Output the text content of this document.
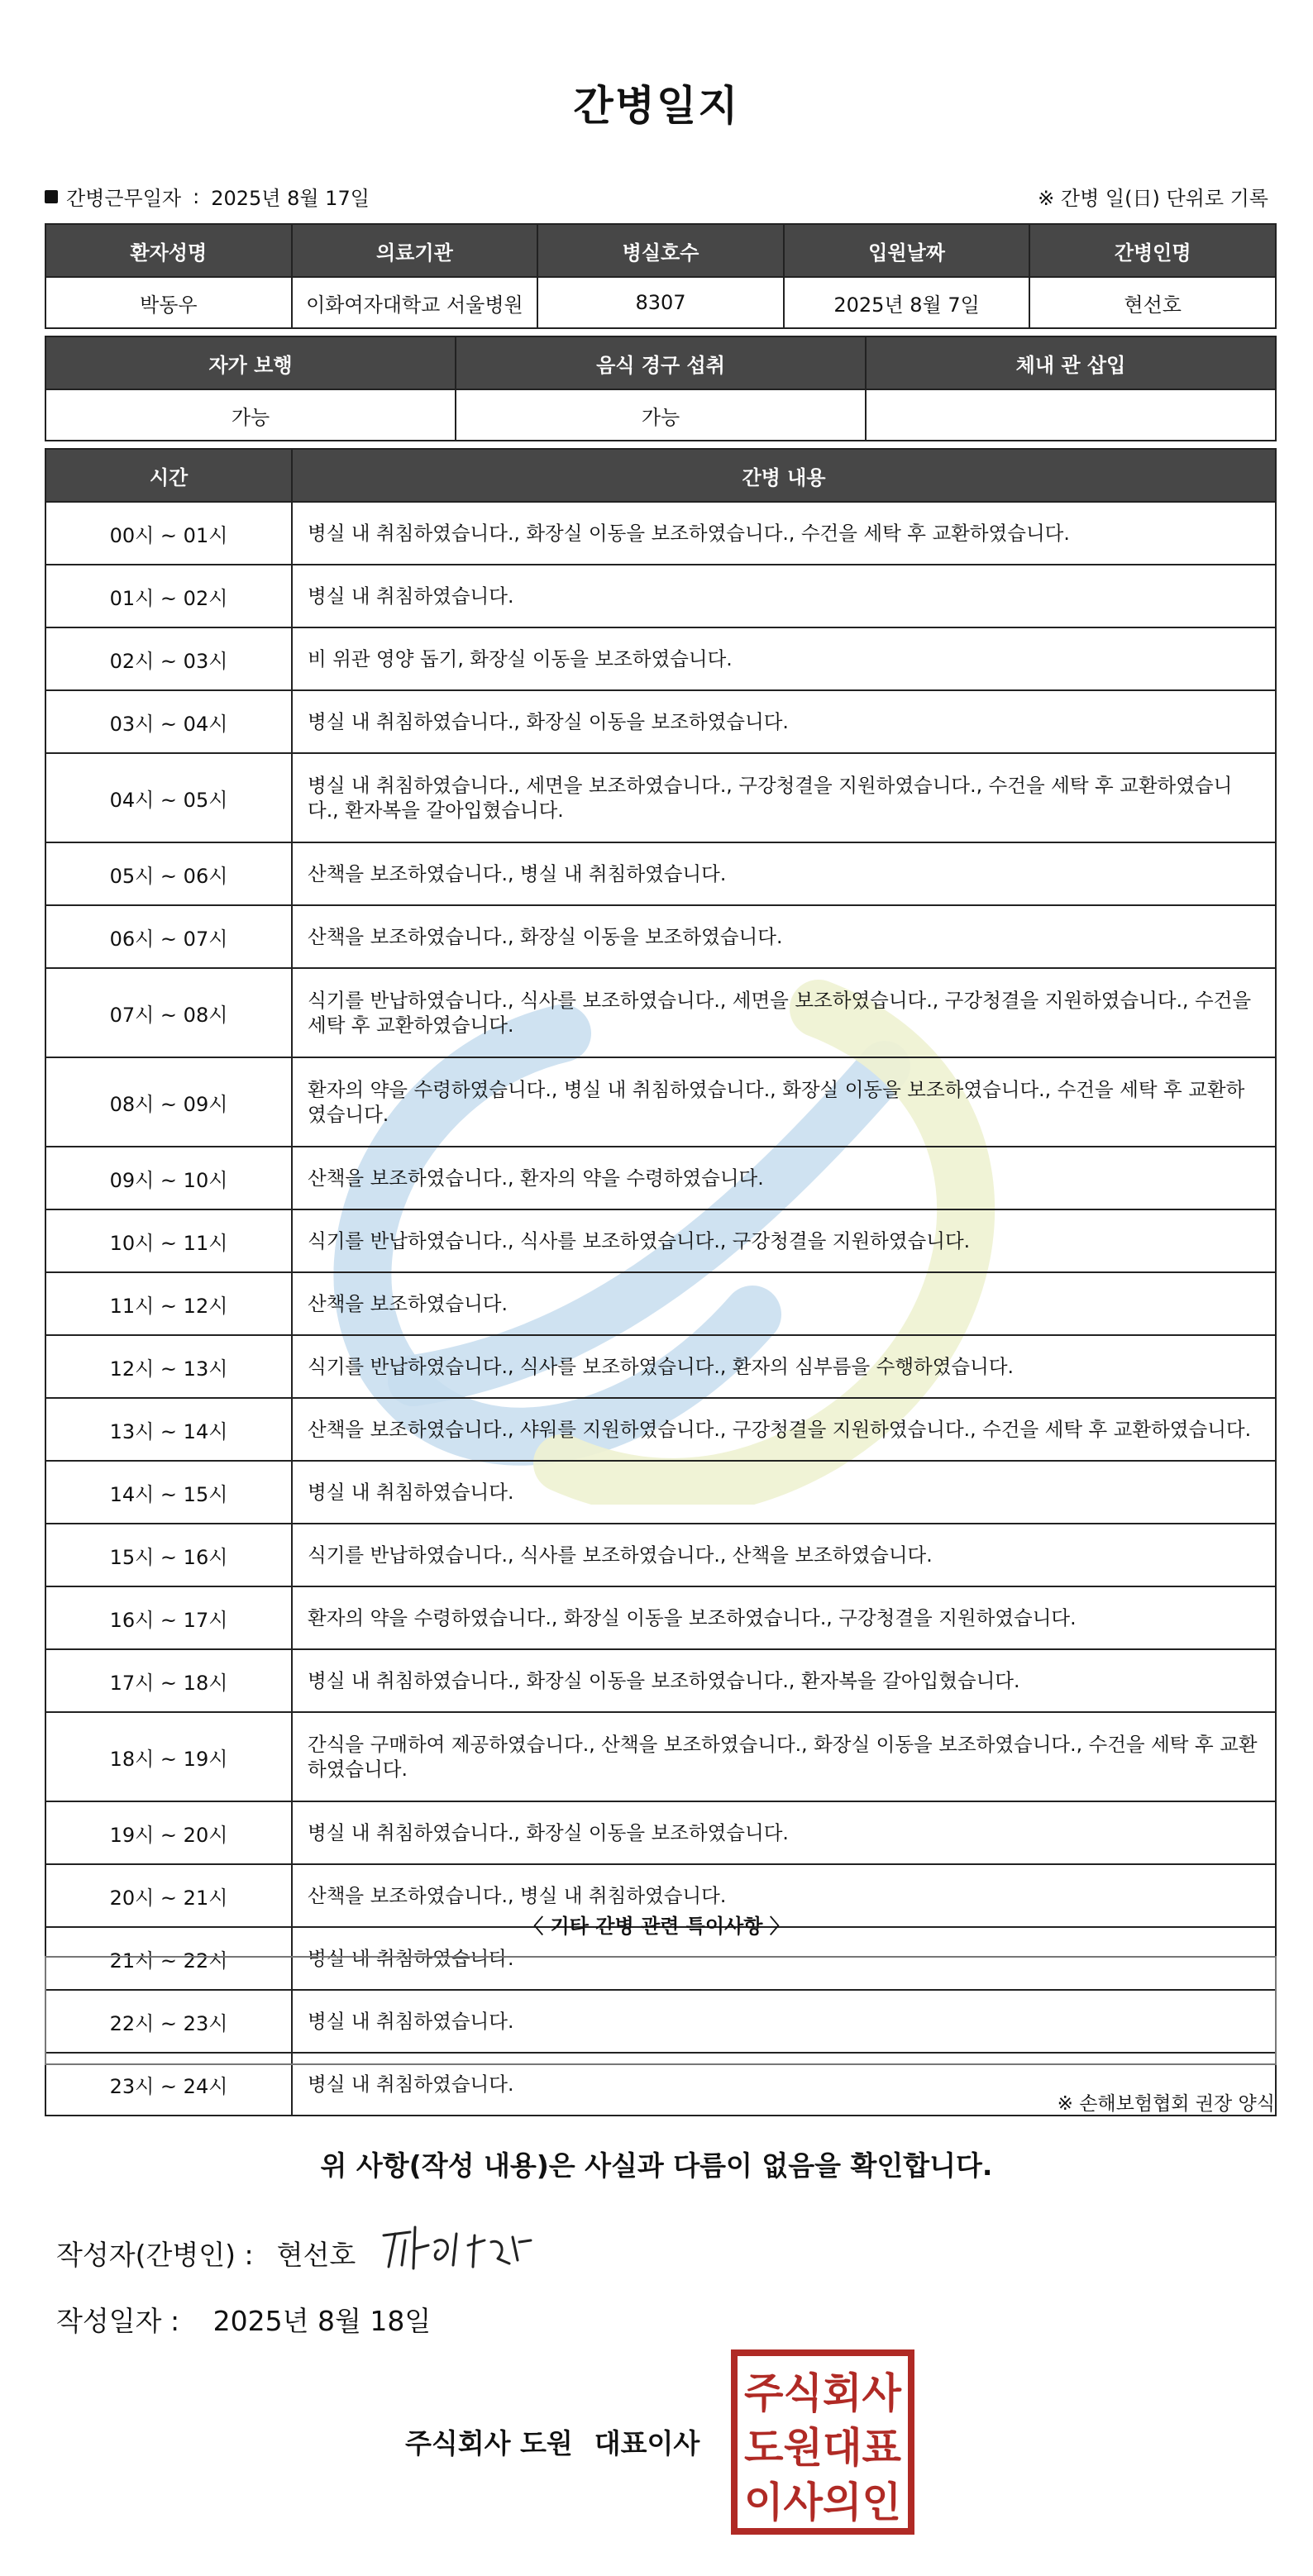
간병일지
간병근무일자 : 2025년 8월 17일	※ 간병 일(日) 단위로 기록
환자성명	의료기관	병실호수	입원날짜	간병인명
박동우	이화여자대학교 서울병원	8307	2025년 8월 7일	현선호
자가 보행	음식 경구 섭취	체내 관 삽입
가능	가능	
시간	간병 내용
00시 ~ 01시	병실 내 취침하였습니다., 화장실 이동을 보조하였습니다., 수건을 세탁 후 교환하였습니다.
01시 ~ 02시	병실 내 취침하였습니다.
02시 ~ 03시	비 위관 영양 돕기, 화장실 이동을 보조하였습니다.
03시 ~ 04시	병실 내 취침하였습니다., 화장실 이동을 보조하였습니다.
04시 ~ 05시	병실 내 취침하였습니다., 세면을 보조하였습니다., 구강청결을 지원하였습니다., 수건을 세탁 후 교환하였습니다., 환자복을 갈아입혔습니다.
05시 ~ 06시	산책을 보조하였습니다., 병실 내 취침하였습니다.
06시 ~ 07시	산책을 보조하였습니다., 화장실 이동을 보조하였습니다.
07시 ~ 08시	식기를 반납하였습니다., 식사를 보조하였습니다., 세면을 보조하였습니다., 구강청결을 지원하였습니다., 수건을 세탁 후 교환하였습니다.
08시 ~ 09시	환자의 약을 수령하였습니다., 병실 내 취침하였습니다., 화장실 이동을 보조하였습니다., 수건을 세탁 후 교환하였습니다.
09시 ~ 10시	산책을 보조하였습니다., 환자의 약을 수령하였습니다.
10시 ~ 11시	식기를 반납하였습니다., 식사를 보조하였습니다., 구강청결을 지원하였습니다.
11시 ~ 12시	산책을 보조하였습니다.
12시 ~ 13시	식기를 반납하였습니다., 식사를 보조하였습니다., 환자의 심부름을 수행하였습니다.
13시 ~ 14시	산책을 보조하였습니다., 샤워를 지원하였습니다., 구강청결을 지원하였습니다., 수건을 세탁 후 교환하였습니다.
14시 ~ 15시	병실 내 취침하였습니다.
15시 ~ 16시	식기를 반납하였습니다., 식사를 보조하였습니다., 산책을 보조하였습니다.
16시 ~ 17시	환자의 약을 수령하였습니다., 화장실 이동을 보조하였습니다., 구강청결을 지원하였습니다.
17시 ~ 18시	병실 내 취침하였습니다., 화장실 이동을 보조하였습니다., 환자복을 갈아입혔습니다.
18시 ~ 19시	간식을 구매하여 제공하였습니다., 산책을 보조하였습니다., 화장실 이동을 보조하였습니다., 수건을 세탁 후 교환하였습니다.
19시 ~ 20시	병실 내 취침하였습니다., 화장실 이동을 보조하였습니다.
20시 ~ 21시	산책을 보조하였습니다., 병실 내 취침하였습니다.
21시 ~ 22시	병실 내 취침하였습니다.
22시 ~ 23시	병실 내 취침하였습니다.
23시 ~ 24시	병실 내 취침하였습니다.
〈 기타 간병 관련 특이사항 〉
※ 손해보험협회 권장 양식
위 사항(작성 내용)은 사실과 다름이 없음을 확인합니다.
작성자(간병인) : 현선호
작성일자 : 2025년 8월 18일
주식회사 도원 대표이사
주식회사
도원대표
이사의인
